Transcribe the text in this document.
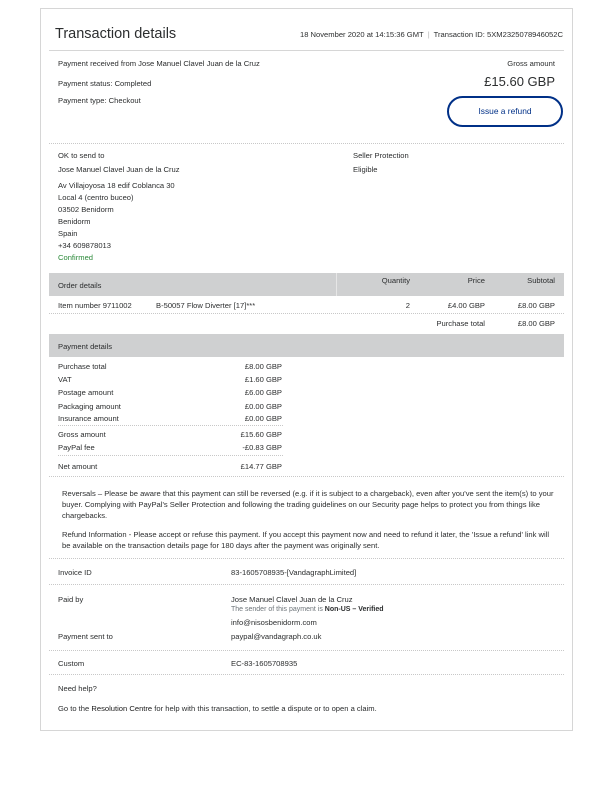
Transaction details	18 November 2020 at 14:15:36 GMT | Transaction ID: 5XM2325078946052C
Payment received from Jose Manuel Clavel Juan de la Cruz
Payment status: Completed
Payment type: Checkout
Gross amount
£15.60 GBP
Issue a refund
OK to send to
Jose Manuel Clavel Juan de la Cruz
Av Villajoyosa 18 edif Coblanca 30
Local 4 (centro buceo)
03502 Benidorm
Benidorm
Spain
+34 609878013
Confirmed
Seller Protection
Eligible
Order details
Quantity	Price	Subtotal
Item number 9711002	B-50057 Flow Diverter [17]***	2	£4.00 GBP	£8.00 GBP
Purchase total	£8.00 GBP
Payment details
Purchase total	£8.00 GBP
VAT	£1.60 GBP
Postage amount	£6.00 GBP
Packaging amount	£0.00 GBP
Insurance amount	£0.00 GBP
Gross amount	£15.60 GBP
PayPal fee	-£0.83 GBP
Net amount	£14.77 GBP

Reversals – Please be aware that this payment can still be reversed (e.g. if it is subject to a chargeback), even after you've sent the item(s) to your buyer. Complying with PayPal's Seller Protection and following the trading guidelines on our Security page helps to protect you from things like chargebacks.

Refund Information - Please accept or refuse this payment. If you accept this payment now and need to refund it later, the 'Issue a refund' link will be available on the transaction details page for 180 days after the payment was originally sent.

Invoice ID	83-1605708935-[VandagraphLimited]
Paid by	Jose Manuel Clavel Juan de la Cruz
The sender of this payment is Non-US – Verified
info@nisosbenidorm.com
Payment sent to	paypal@vandagraph.co.uk
Custom	EC-83-1605708935
Need help?
Go to the Resolution Centre for help with this transaction, to settle a dispute or to open a claim.
